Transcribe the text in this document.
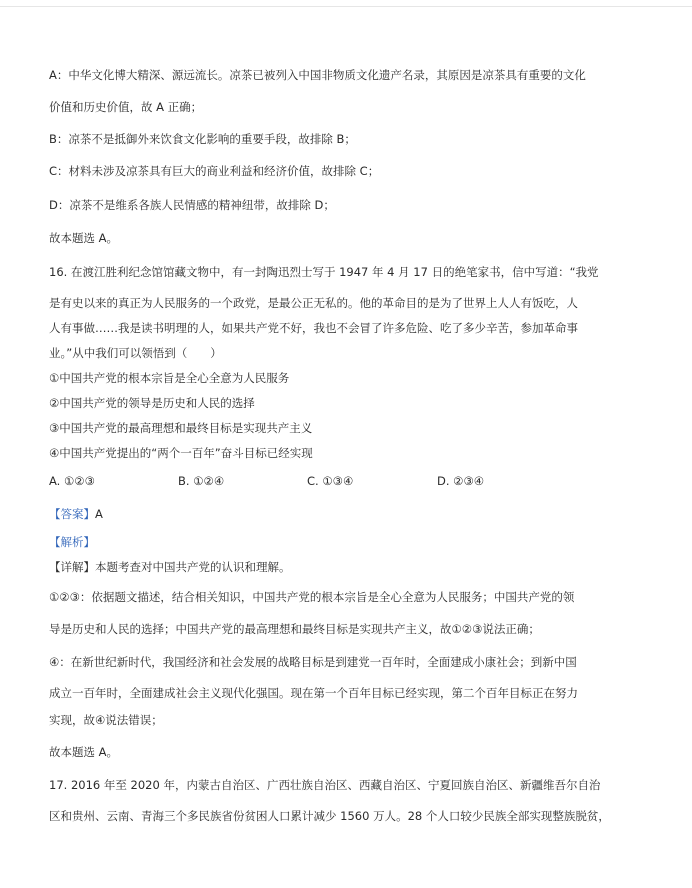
A：中华文化博大精深、源远流长。凉茶已被列入中国非物质文化遗产名录，其原因是凉茶具有重要的文化
价值和历史价值，故 A 正确；
B：凉茶不是抵御外来饮食文化影响的重要手段，故排除 B；
C：材料未涉及凉茶具有巨大的商业利益和经济价值，故排除 C；
D：凉茶不是维系各族人民情感的精神纽带，故排除 D；
故本题选 A。
16. 在渡江胜利纪念馆馆藏文物中，有一封陶迅烈士写于 1947 年 4 月 17 日的绝笔家书，信中写道：“我党
是有史以来的真正为人民服务的一个政党，是最公正无私的。他的革命目的是为了世界上人人有饭吃，人
人有事做……我是读书明理的人，如果共产党不好，我也不会冒了许多危险、吃了多少辛苦，参加革命事
业。”从中我们可以领悟到（　　）
①中国共产党的根本宗旨是全心全意为人民服务
②中国共产党的领导是历史和人民的选择
③中国共产党的最高理想和最终目标是实现共产主义
④中国共产党提出的“两个一百年”奋斗目标已经实现
A. ①②③	B. ①②④	C. ①③④	D. ②③④
【答案】A
【解析】
【详解】本题考查对中国共产党的认识和理解。
①②③：依据题文描述，结合相关知识，中国共产党的根本宗旨是全心全意为人民服务；中国共产党的领
导是历史和人民的选择；中国共产党的最高理想和最终目标是实现共产主义，故①②③说法正确；
④：在新世纪新时代，我国经济和社会发展的战略目标是到建党一百年时，全面建成小康社会；到新中国
成立一百年时，全面建成社会主义现代化强国。现在第一个百年目标已经实现，第二个百年目标正在努力
实现，故④说法错误；
故本题选 A。
17. 2016 年至 2020 年，内蒙古自治区、广西壮族自治区、西藏自治区、宁夏回族自治区、新疆维吾尔自治
区和贵州、云南、青海三个多民族省份贫困人口累计减少 1560 万人。28 个人口较少民族全部实现整族脱贫，
